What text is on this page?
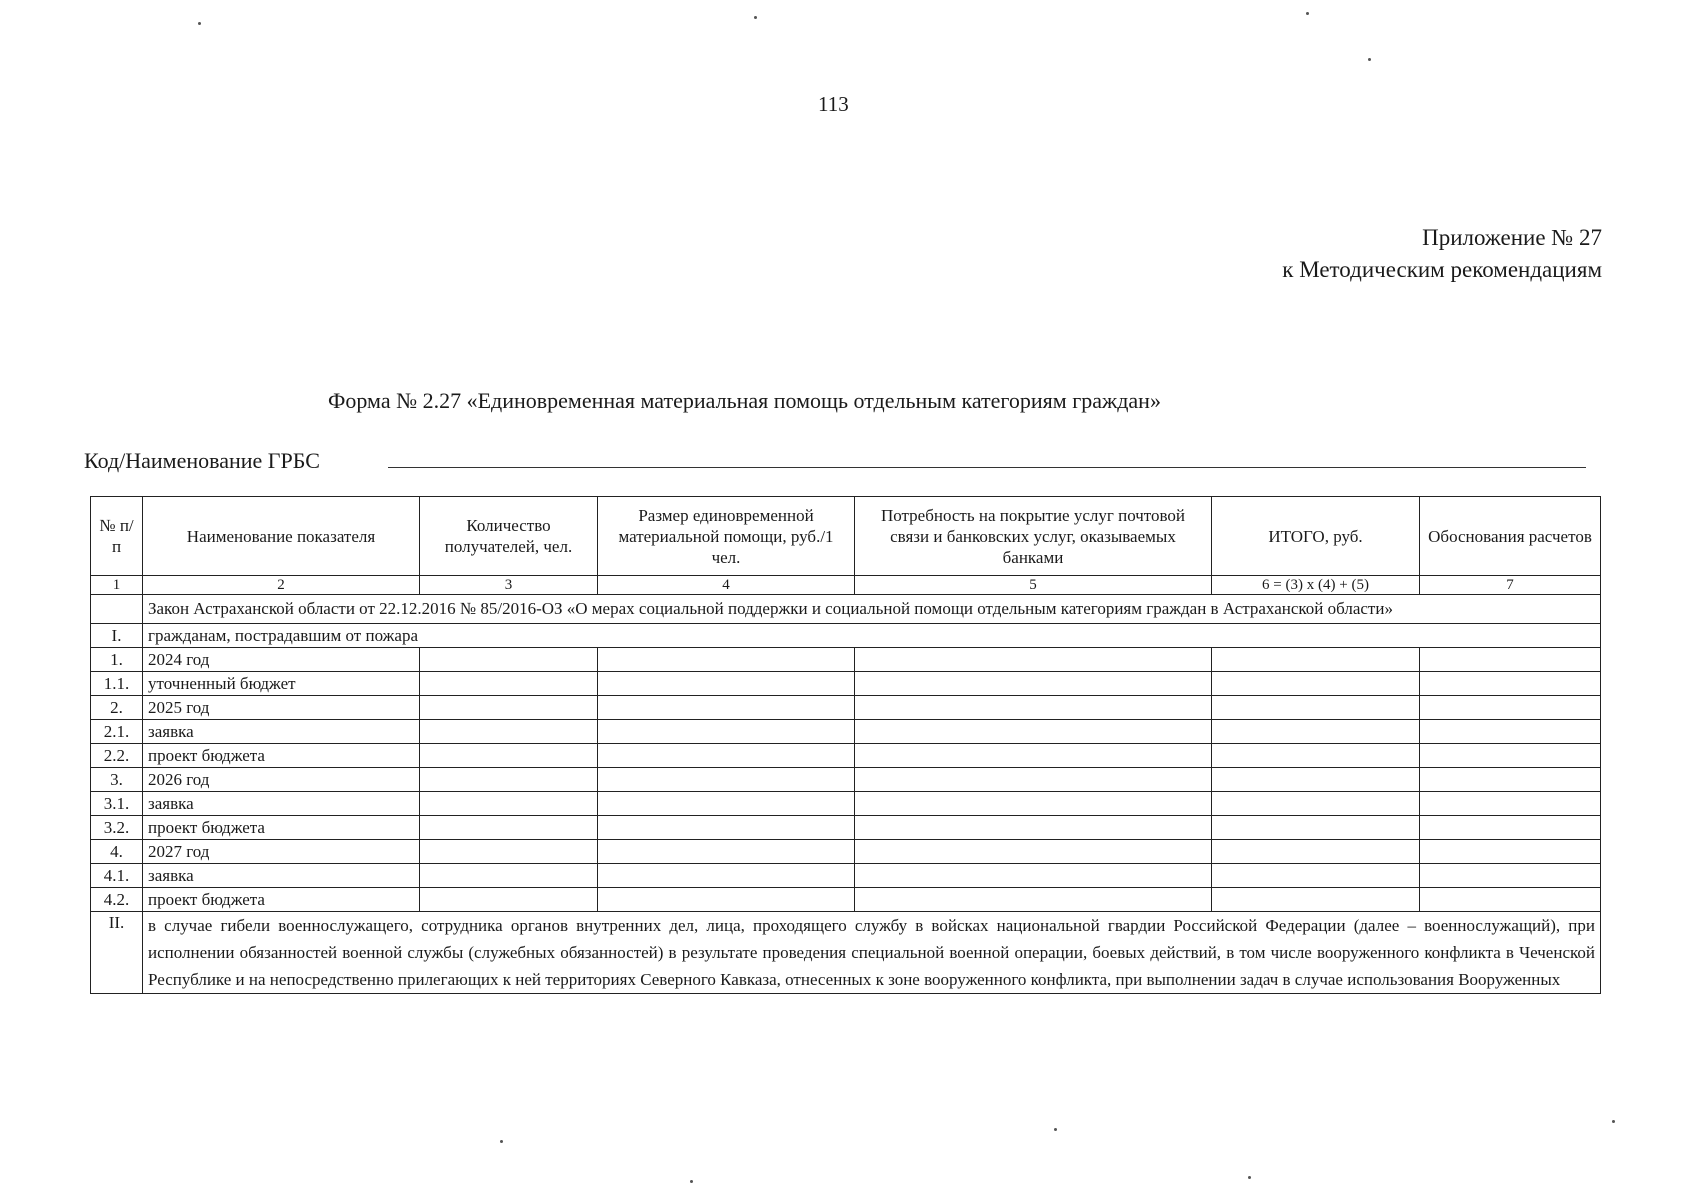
113
Приложение № 27
к Методическим рекомендациям
Форма № 2.27 «Единовременная материальная помощь отдельным категориям граждан»
Код/Наименование ГРБС
№ п/п	Наименование показателя	Количество получателей, чел.	Размер единовременной материальной помощи, руб./1 чел.	Потребность на покрытие услуг почтовой связи и банковских услуг, оказываемых банками	ИТОГО, руб.	Обоснования расчетов
1	2	3	4	5	6 = (3) x (4) + (5)	7
	Закон Астраханской области от 22.12.2016 № 85/2016-ОЗ «О мерах социальной поддержки и социальной помощи отдельным категориям граждан в Астраханской области»					
I.	гражданам, пострадавшим от пожара					
1.	2024 год					
1.1.	уточненный бюджет					
2.	2025 год					
2.1.	заявка					
2.2.	проект бюджета					
3.	2026 год					
3.1.	заявка					
3.2.	проект бюджета					
4.	2027 год					
4.1.	заявка					
4.2.	проект бюджета					
II.	в случае гибели военнослужащего, сотрудника органов внутренних дел, лица, проходящего службу в войсках национальной гвардии Российской Федерации (далее – военнослужащий), при исполнении обязанностей военной службы (служебных обязанностей) в результате проведения специальной военной операции, боевых действий, в том числе вооруженного конфликта в Чеченской Республике и на непосредственно прилегающих к ней территориях Северного Кавказа, отнесенных к зоне вооруженного конфликта, при выполнении задач в случае использования Вооруженных					
